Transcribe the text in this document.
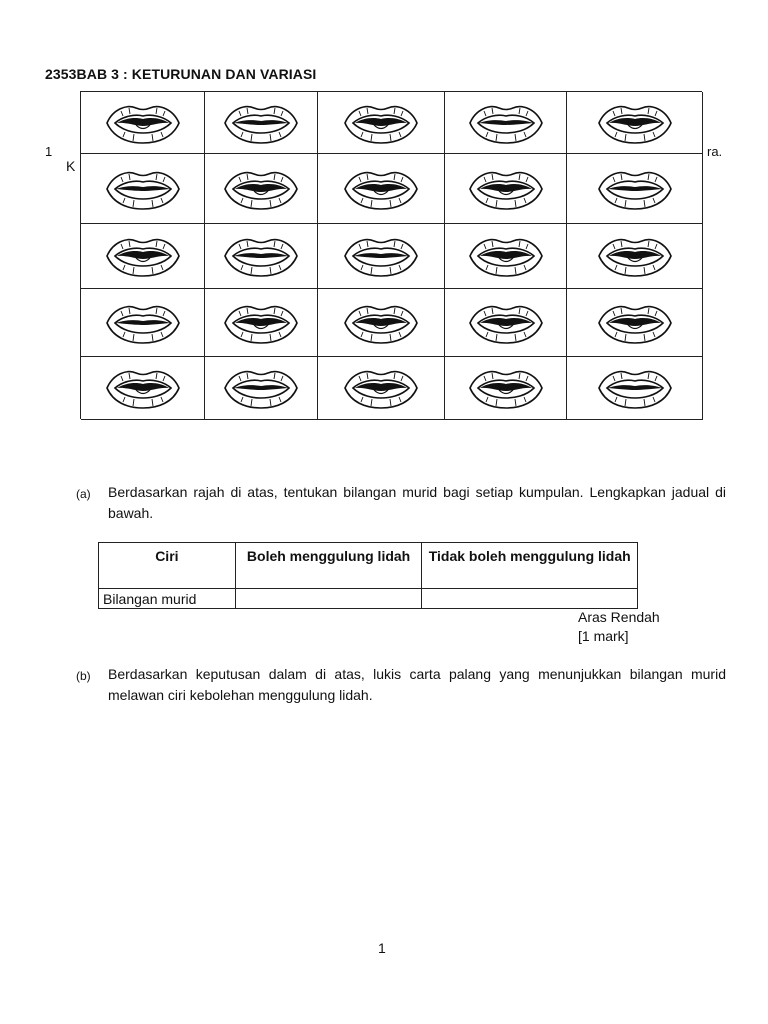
2353BAB 3 : KETURUNAN DAN VARIASI
1
K
ra.
(a) Berdasarkan rajah di atas, tentukan bilangan murid bagi setiap kumpulan. Lengkapkan jadual di bawah.
Ciri	Boleh menggulung lidah	Tidak boleh menggulung lidah
Bilangan murid		
Aras Rendah
[1 mark]
(b) Berdasarkan keputusan dalam di atas, lukis carta palang yang menunjukkan bilangan murid melawan ciri kebolehan menggulung lidah.
1
